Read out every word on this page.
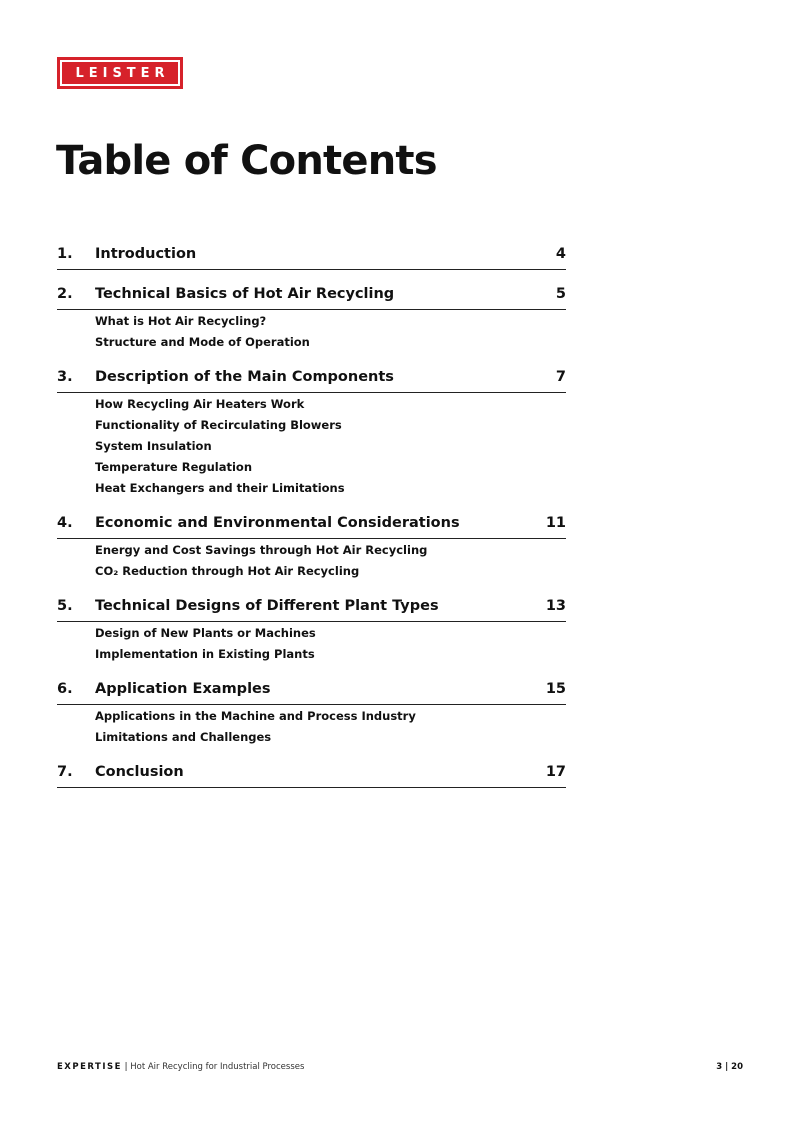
LEISTER
Table of Contents
1.	Introduction	4
2.	Technical Basics of Hot Air Recycling	5
What is Hot Air Recycling?
Structure and Mode of Operation
3.	Description of the Main Components	7
How Recycling Air Heaters Work
Functionality of Recirculating Blowers
System Insulation
Temperature Regulation
Heat Exchangers and their Limitations
4.	Economic and Environmental Considerations	11
Energy and Cost Savings through Hot Air Recycling
CO₂ Reduction through Hot Air Recycling
5.	Technical Designs of Different Plant Types	13
Design of New Plants or Machines
Implementation in Existing Plants
6.	Application Examples	15
Applications in the Machine and Process Industry
Limitations and Challenges
7.	Conclusion	17
EXPERTISE | Hot Air Recycling for Industrial Processes	3 | 20
